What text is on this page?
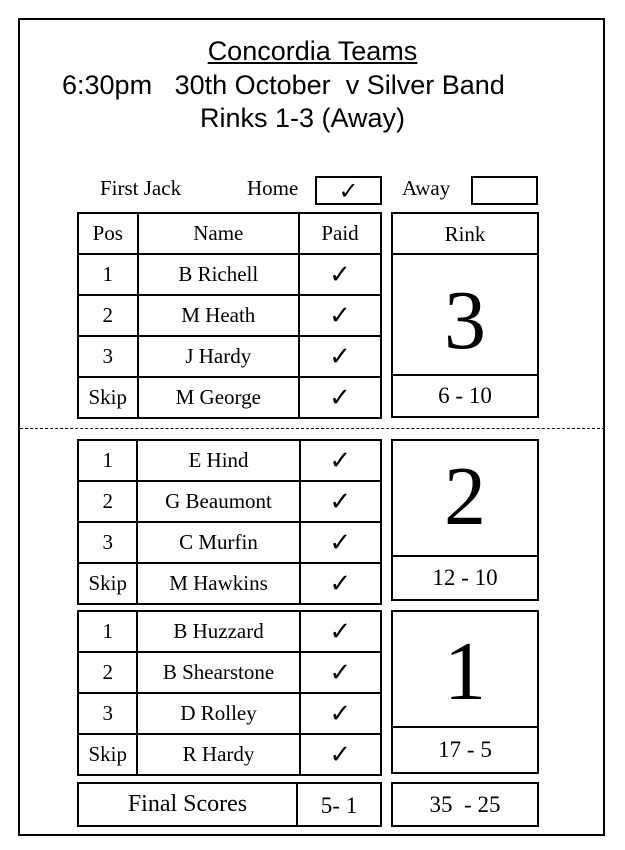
Concordia Teams
6:30pm 30th October v Silver Band
Rinks 1-3 (Away)
First Jack	Home	✓	Away
Pos	Name	Paid
1	B Richell	✓
2	M Heath	✓
3	J Hardy	✓
Skip	M George	✓
Rink
3
6 - 10
1	E Hind	✓
2	G Beaumont	✓
3	C Murfin	✓
Skip	M Hawkins	✓
2
12 - 10
1	B Huzzard	✓
2	B Shearstone	✓
3	D Rolley	✓
Skip	R Hardy	✓
1
17 - 5
Final Scores	5- 1	35  - 25
